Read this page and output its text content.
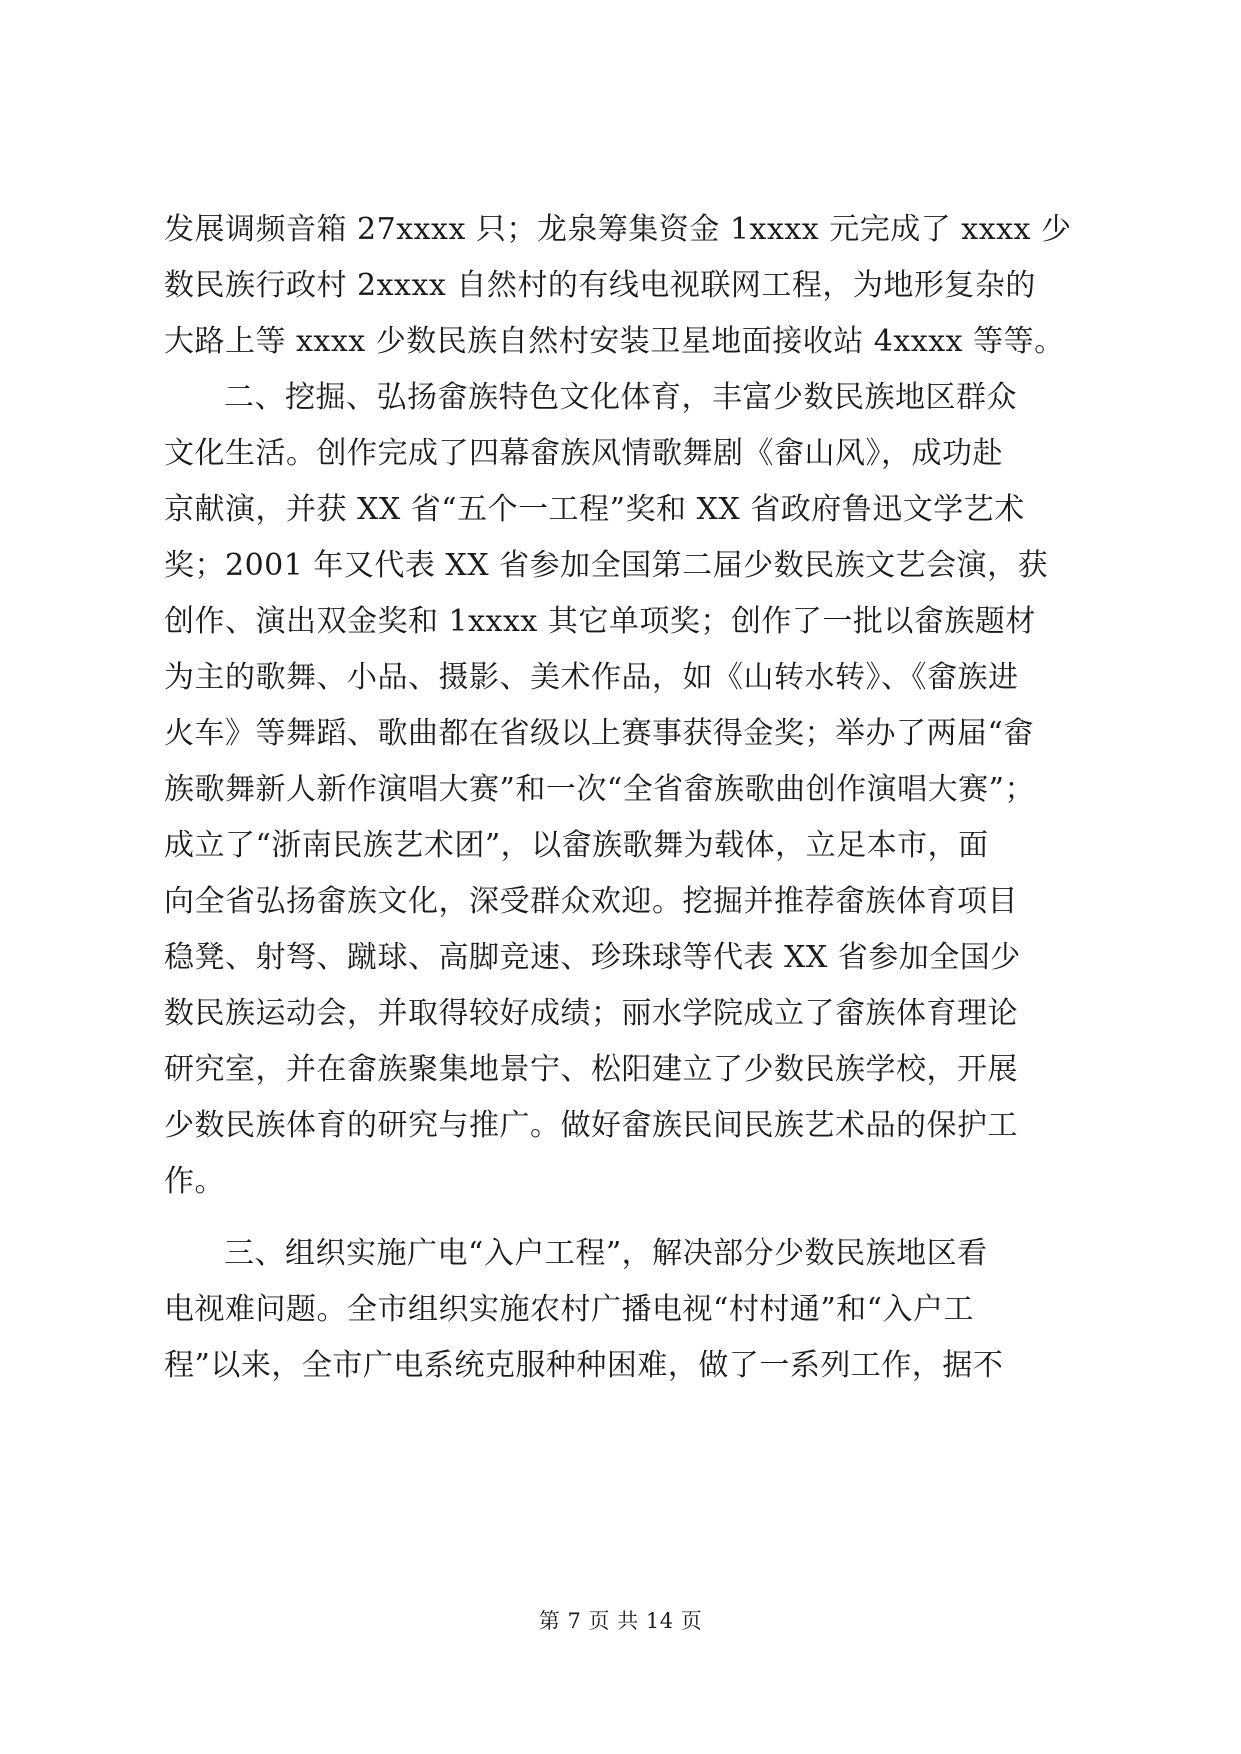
发展调频音箱 27xxxx 只；龙泉筹集资金 1xxxx 元完成了 xxxx 少
数民族行政村 2xxxx 自然村的有线电视联网工程，为地形复杂的
大路上等 xxxx 少数民族自然村安装卫星地面接收站 4xxxx 等等。
二、挖掘、弘扬畲族特色文化体育，丰富少数民族地区群众
文化生活。创作完成了四幕畲族风情歌舞剧《畲山风》，成功赴
京献演，并获 XX 省“五个一工程”奖和 XX 省政府鲁迅文学艺术
奖；2001 年又代表 XX 省参加全国第二届少数民族文艺会演，获
创作、演出双金奖和 1xxxx 其它单项奖；创作了一批以畲族题材
为主的歌舞、小品、摄影、美术作品，如《山转水转》、《畲族进
火车》等舞蹈、歌曲都在省级以上赛事获得金奖；举办了两届“畲
族歌舞新人新作演唱大赛”和一次“全省畲族歌曲创作演唱大赛”；
成立了“浙南民族艺术团”，以畲族歌舞为载体，立足本市，面
向全省弘扬畲族文化，深受群众欢迎。挖掘并推荐畲族体育项目
稳凳、射弩、蹴球、高脚竞速、珍珠球等代表 XX 省参加全国少
数民族运动会，并取得较好成绩；丽水学院成立了畲族体育理论
研究室，并在畲族聚集地景宁、松阳建立了少数民族学校，开展
少数民族体育的研究与推广。做好畲族民间民族艺术品的保护工
作。
三、组织实施广电“入户工程”，解决部分少数民族地区看
电视难问题。全市组织实施农村广播电视“村村通”和“入户工
程”以来，全市广电系统克服种种困难，做了一系列工作，据不
第 7 页 共 14 页
